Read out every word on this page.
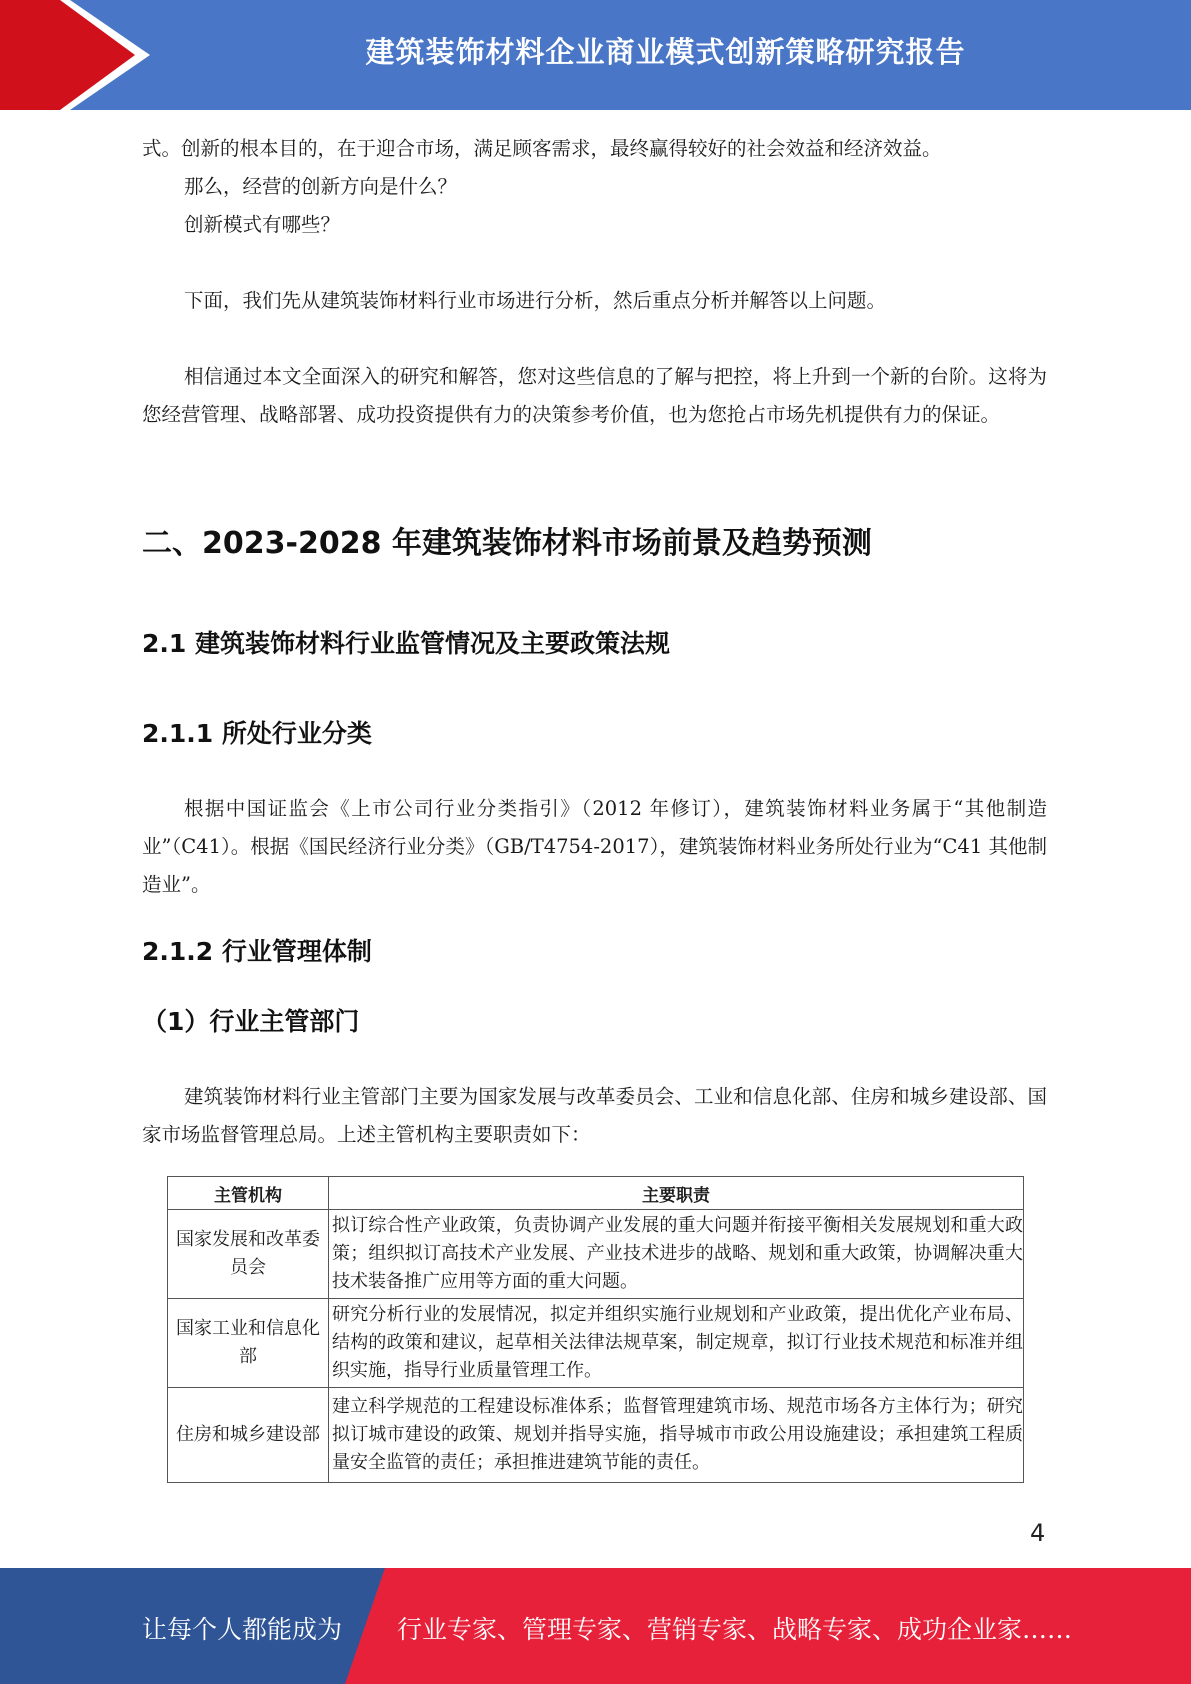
建筑装饰材料企业商业模式创新策略研究报告

式。创新的根本目的，在于迎合市场，满足顾客需求，最终赢得较好的社会效益和经济效益。

那么，经营的创新方向是什么？

创新模式有哪些？

下面，我们先从建筑装饰材料行业市场进行分析，然后重点分析并解答以上问题。

相信通过本文全面深入的研究和解答，您对这些信息的了解与把控，将上升到一个新的台阶。这将为您经营管理、战略部署、成功投资提供有力的决策参考价值，也为您抢占市场先机提供有力的保证。

二、2023-2028 年建筑装饰材料市场前景及趋势预测
2.1 建筑装饰材料行业监管情况及主要政策法规
2.1.1 所处行业分类

根据中国证监会《上市公司行业分类指引》（2012 年修订），建筑装饰材料业务属于“其他制造业”（C41）。根据《国民经济行业分类》（GB/T4754-2017），建筑装饰材料业务所处行业为“C41 其他制造业”。

2.1.2 行业管理体制
（1）行业主管部门

建筑装饰材料行业主管部门主要为国家发展与改革委员会、工业和信息化部、住房和城乡建设部、国家市场监督管理总局。上述主管机构主要职责如下：

主管机构	主要职责
国家发展和改革委员会	拟订综合性产业政策，负责协调产业发展的重大问题并衔接平衡相关发展规划和重大政策；组织拟订高技术产业发展、产业技术进步的战略、规划和重大政策，协调解决重大技术装备推广应用等方面的重大问题。
国家工业和信息化部	研究分析行业的发展情况，拟定并组织实施行业规划和产业政策，提出优化产业布局、结构的政策和建议，起草相关法律法规草案，制定规章，拟订行业技术规范和标准并组织实施，指导行业质量管理工作。
住房和城乡建设部	建立科学规范的工程建设标准体系；监督管理建筑市场、规范市场各方主体行为；研究拟订城市建设的政策、规划并指导实施，指导城市市政公用设施建设；承担建筑工程质量安全监管的责任；承担推进建筑节能的责任。
4
让每个人都能成为 行业专家、管理专家、营销专家、战略专家、成功企业家……
